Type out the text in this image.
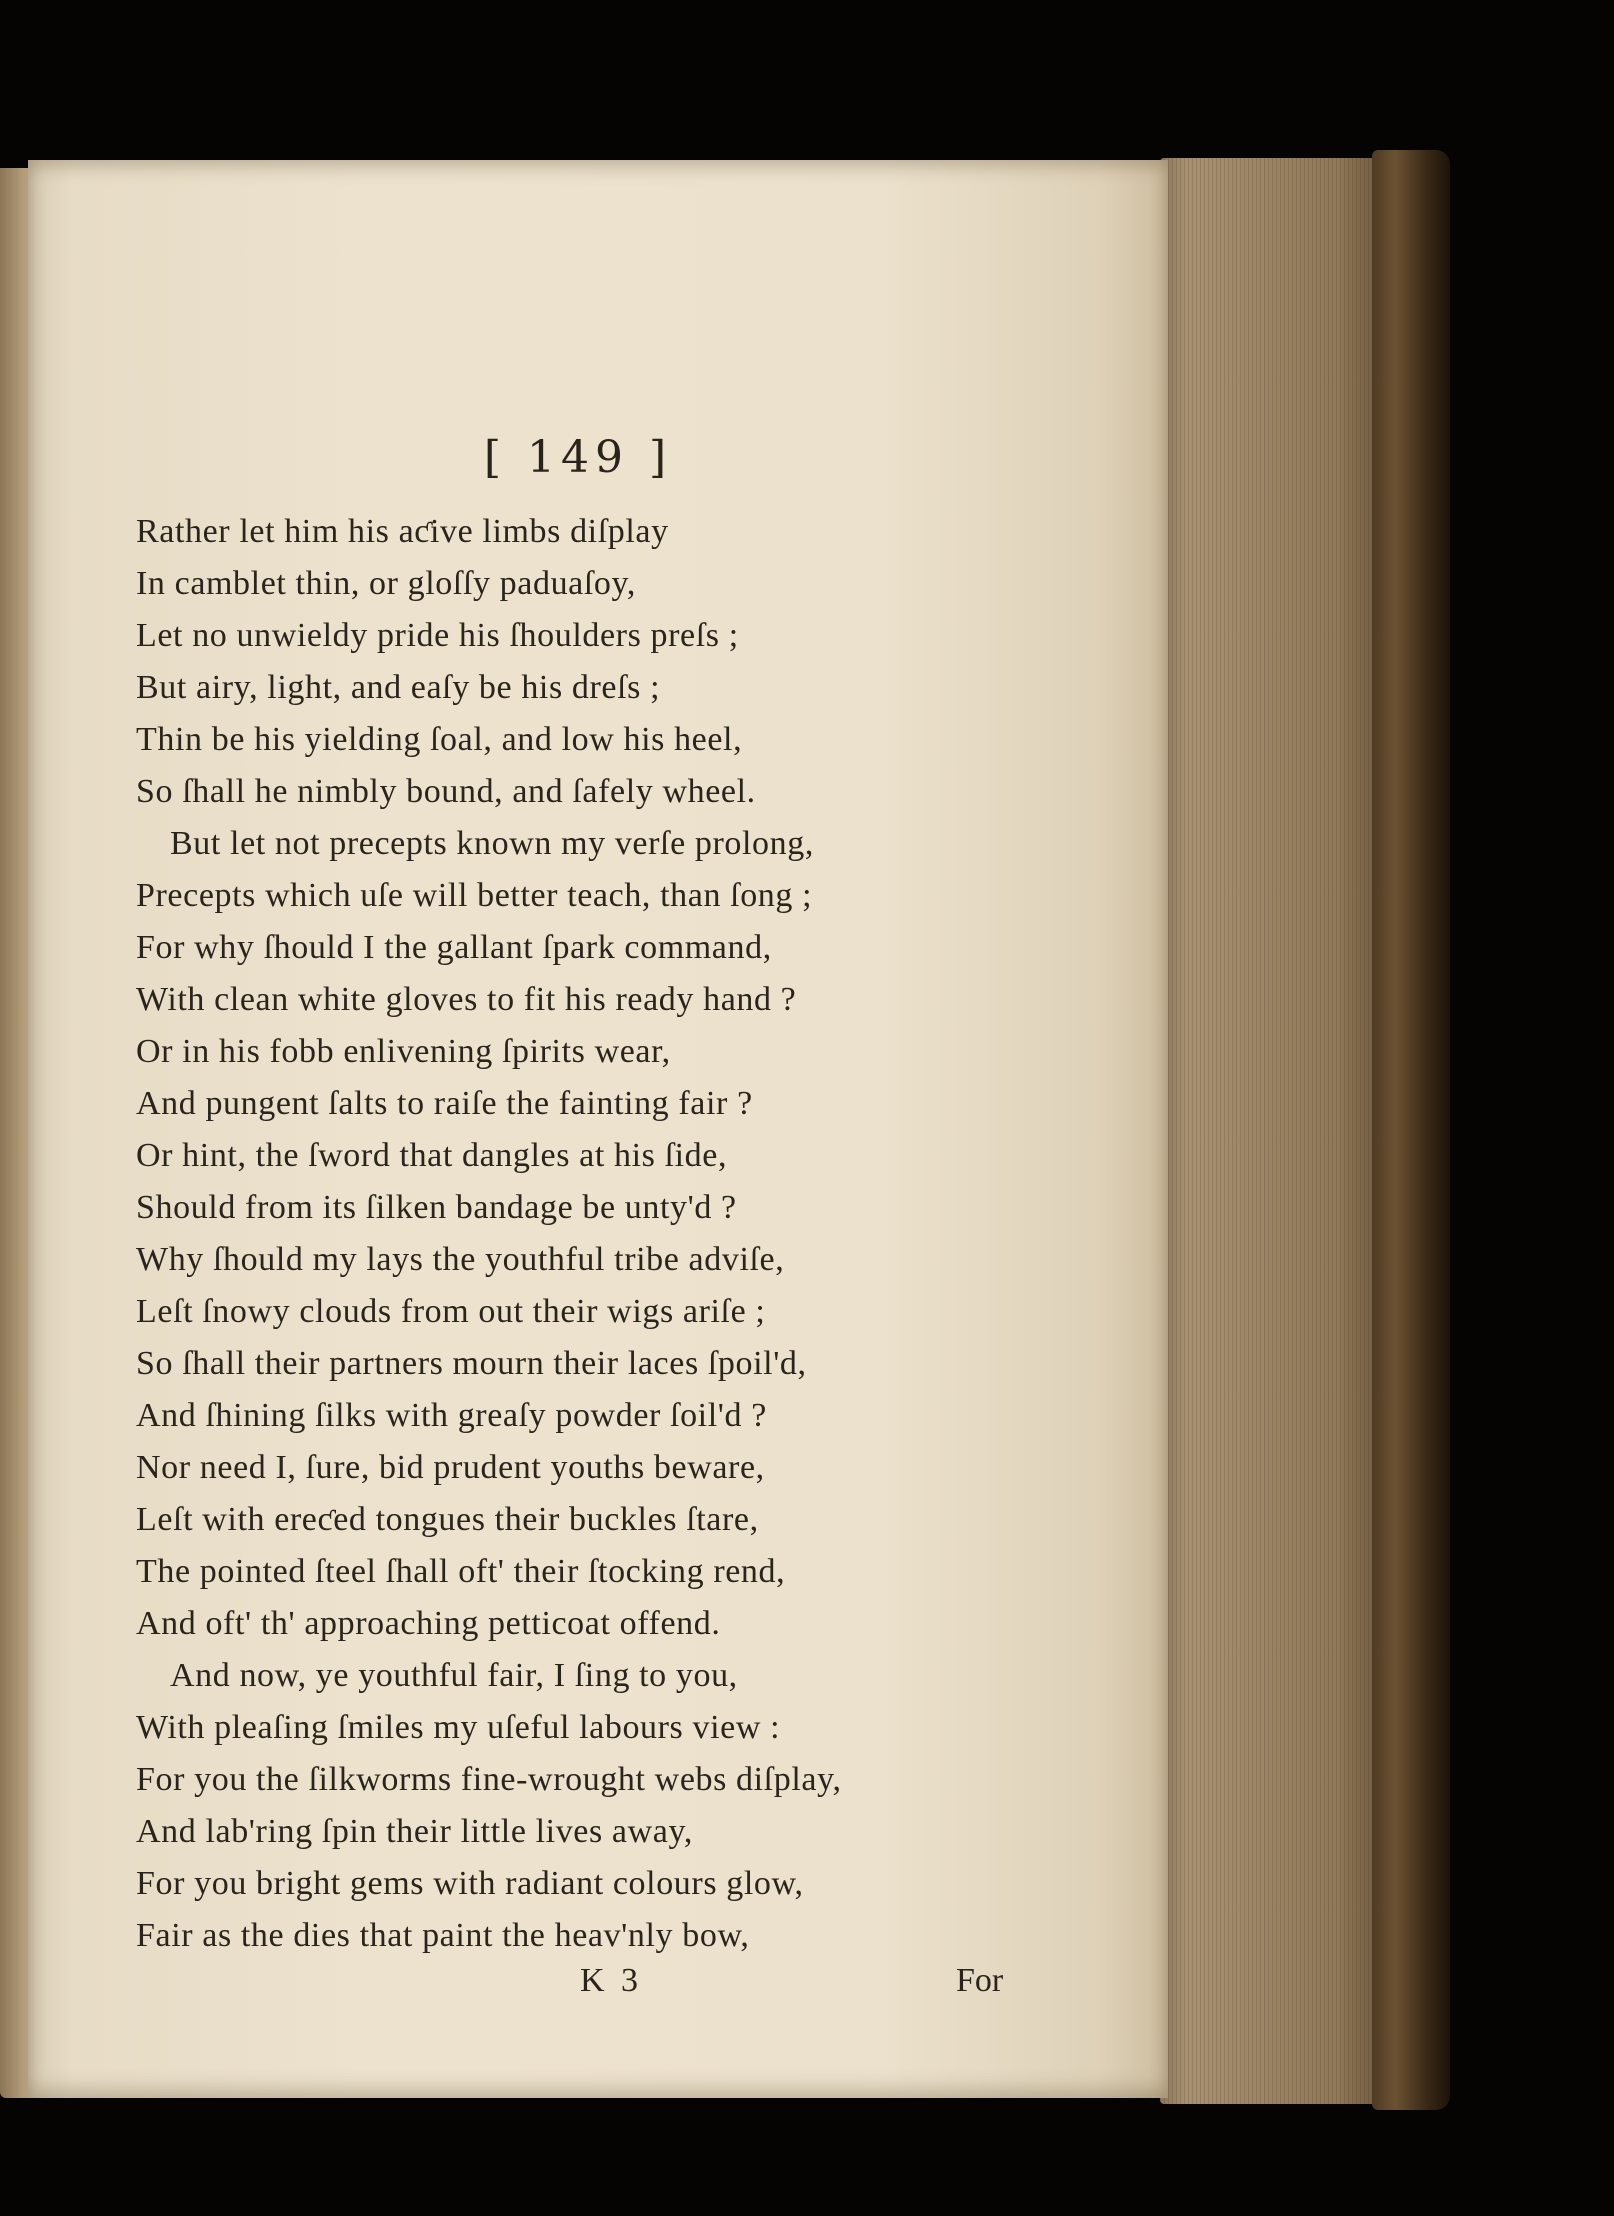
[ 149 ]
Rather let him his aƈive limbs diſplay
In camblet thin, or gloſſy paduaſoy,
Let no unwieldy pride his ſhoulders preſs ;
But airy, light, and eaſy be his dreſs ;
Thin be his yielding ſoal, and low his heel,
So ſhall he nimbly bound, and ſafely wheel.
But let not precepts known my verſe prolong,
Precepts which uſe will better teach, than ſong ;
For why ſhould I the gallant ſpark command,
With clean white gloves to fit his ready hand ?
Or in his fobb enlivening ſpirits wear,
And pungent ſalts to raiſe the fainting fair ?
Or hint, the ſword that dangles at his ſide,
Should from its ſilken bandage be unty'd ?
Why ſhould my lays the youthful tribe adviſe,
Leſt ſnowy clouds from out their wigs ariſe ;
So ſhall their partners mourn their laces ſpoil'd,
And ſhining ſilks with greaſy powder ſoil'd ?
Nor need I, ſure, bid prudent youths beware,
Leſt with ereƈed tongues their buckles ſtare,
The pointed ſteel ſhall oft' their ſtocking rend,
And oft' th' approaching petticoat offend.
And now, ye youthful fair, I ſing to you,
With pleaſing ſmiles my uſeful labours view :
For you the ſilkworms fine-wrought webs diſplay,
And lab'ring ſpin their little lives away,
For you bright gems with radiant colours glow,
Fair as the dies that paint the heav'nly bow,
K 3	For
